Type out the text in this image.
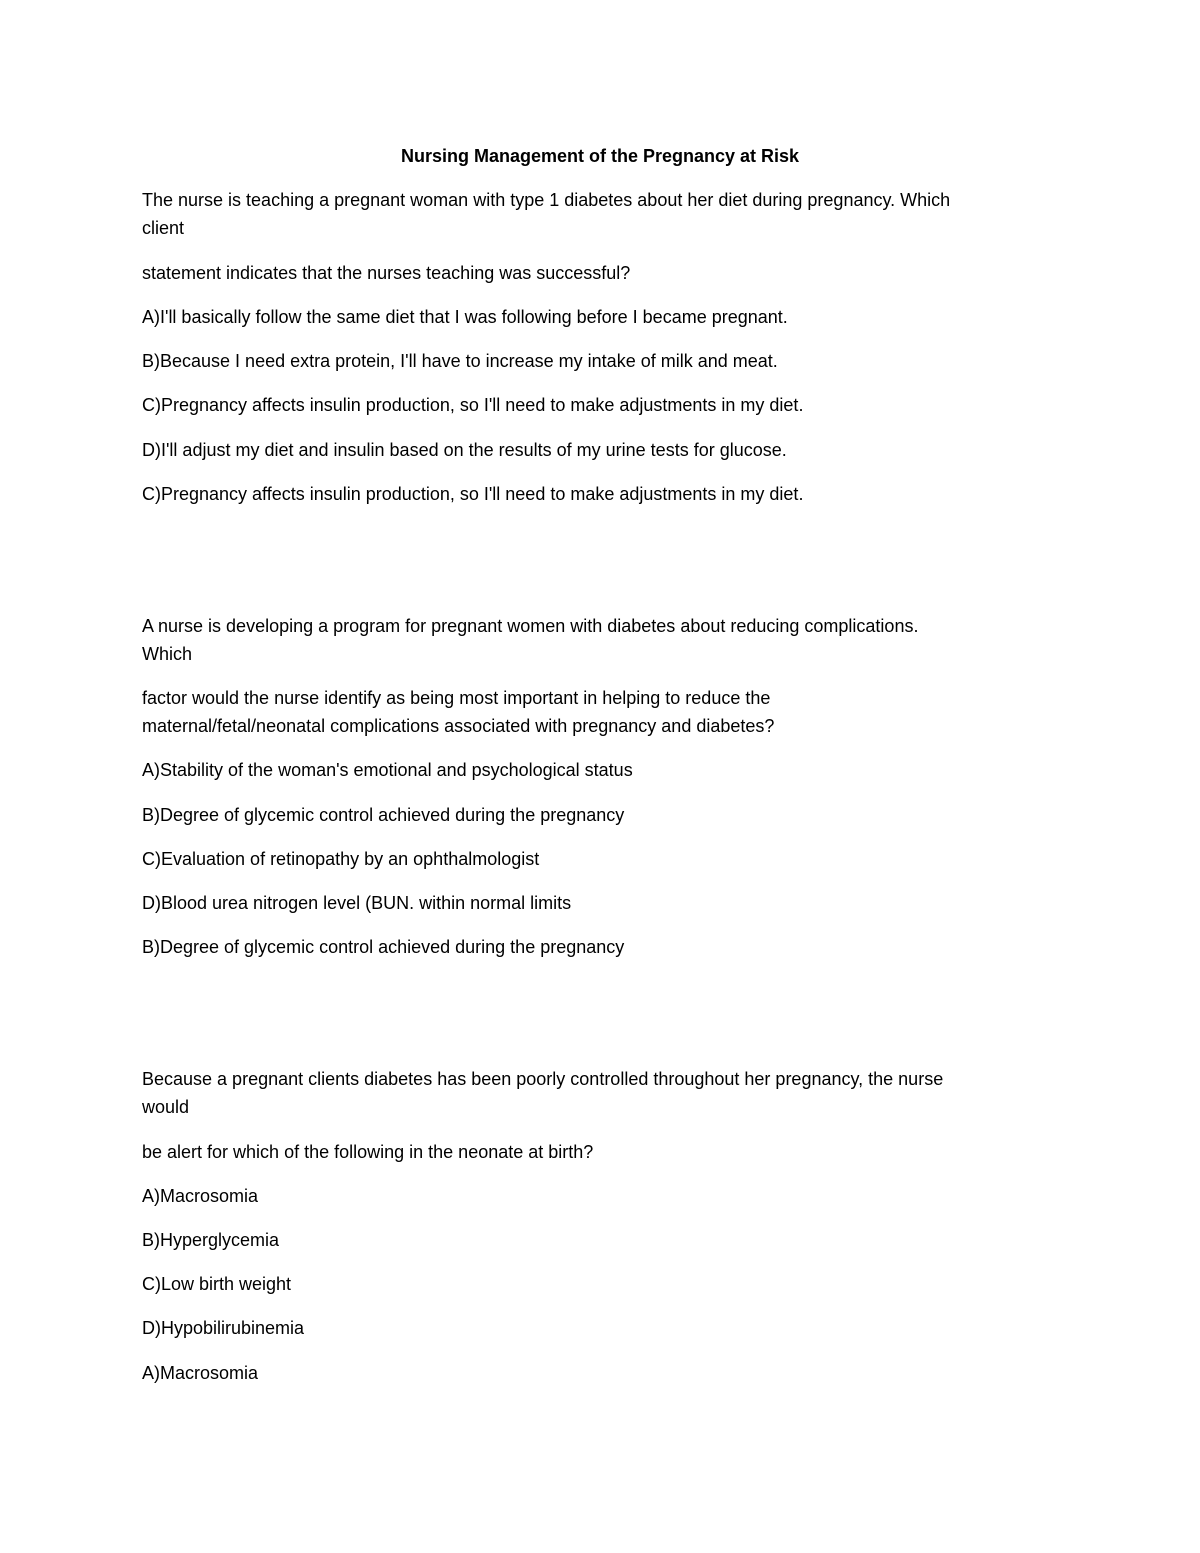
Nursing Management of the Pregnancy at Risk
The nurse is teaching a pregnant woman with type 1 diabetes about her diet during pregnancy. Which
client
statement indicates that the nurses teaching was successful?
A)I'll basically follow the same diet that I was following before I became pregnant.
B)Because I need extra protein, I'll have to increase my intake of milk and meat.
C)Pregnancy affects insulin production, so I'll need to make adjustments in my diet.
D)I'll adjust my diet and insulin based on the results of my urine tests for glucose.
C)Pregnancy affects insulin production, so I'll need to make adjustments in my diet.
A nurse is developing a program for pregnant women with diabetes about reducing complications.
Which
factor would the nurse identify as being most important in helping to reduce the
maternal/fetal/neonatal complications associated with pregnancy and diabetes?
A)Stability of the woman's emotional and psychological status
B)Degree of glycemic control achieved during the pregnancy
C)Evaluation of retinopathy by an ophthalmologist
D)Blood urea nitrogen level (BUN. within normal limits
B)Degree of glycemic control achieved during the pregnancy
Because a pregnant clients diabetes has been poorly controlled throughout her pregnancy, the nurse
would
be alert for which of the following in the neonate at birth?
A)Macrosomia
B)Hyperglycemia
C)Low birth weight
D)Hypobilirubinemia
A)Macrosomia
